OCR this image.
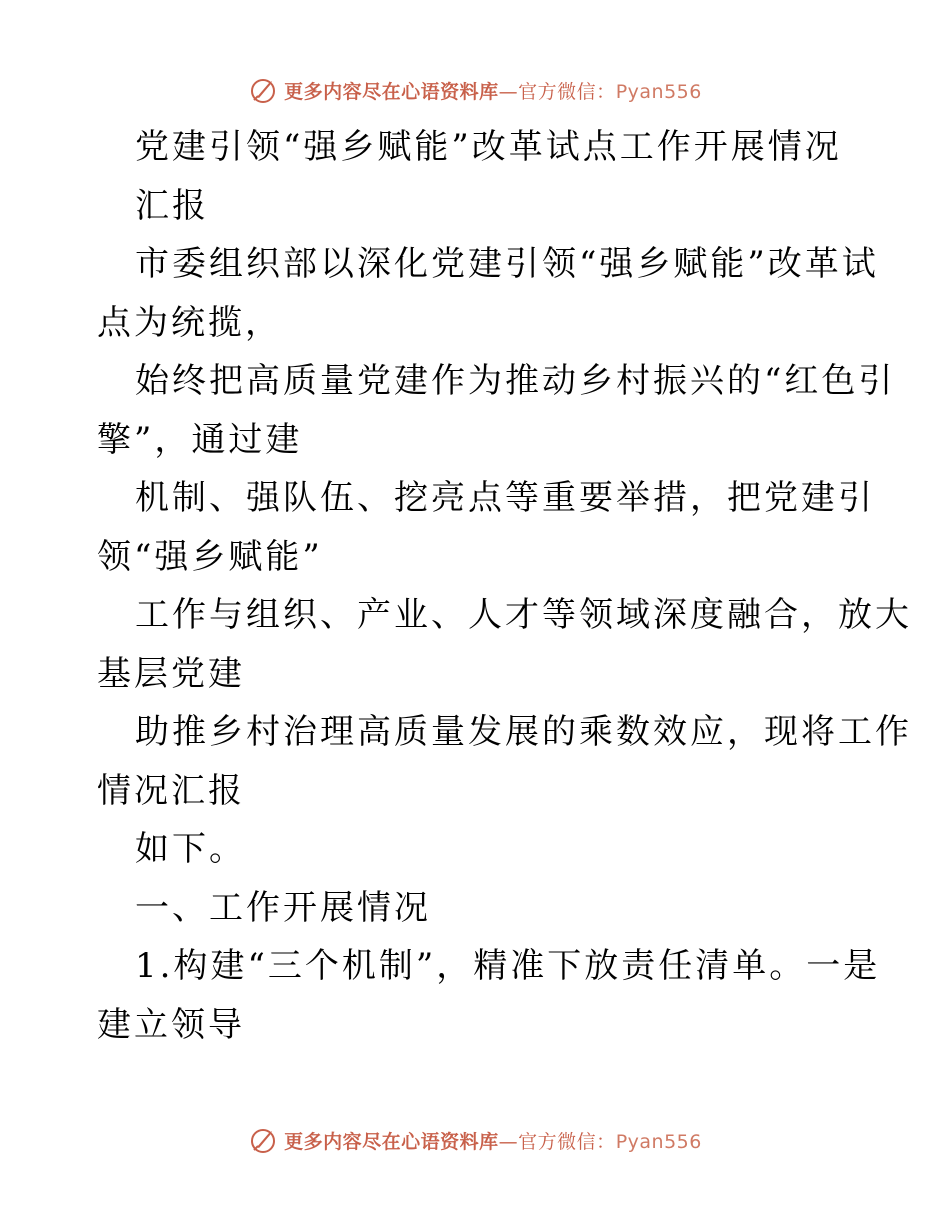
更多内容尽在心语资料库—官方微信：Pyan556
党建引领“强乡赋能”改革试点工作开展情况
汇报
市委组织部以深化党建引领“强乡赋能”改革试
点为统揽，
始终把高质量党建作为推动乡村振兴的“红色引
擎”，通过建
机制、强队伍、挖亮点等重要举措，把党建引
领“强乡赋能”
工作与组织、产业、人才等领域深度融合，放大
基层党建
助推乡村治理高质量发展的乘数效应，现将工作
情况汇报
如下。
一、工作开展情况
1.构建“三个机制”，精准下放责任清单。一是
建立领导
更多内容尽在心语资料库—官方微信：Pyan556
